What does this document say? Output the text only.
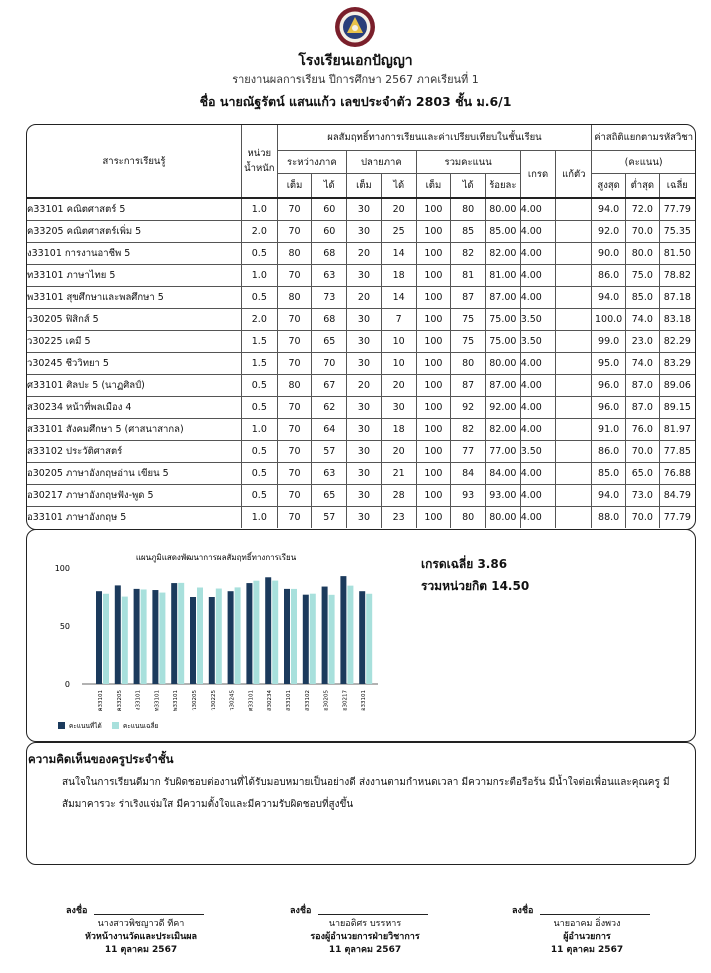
โรงเรียนเอกปัญญา
รายงานผลการเรียน ปีการศึกษา 2567 ภาคเรียนที่ 1
ชื่อ นายณัฐรัตน์ แสนแก้ว เลขประจำตัว 2803 ชั้น ม.6/1
สาระการเรียนรู้	หน่วยน้ำหนัก	ผลสัมฤทธิ์ทางการเรียนและค่าเปรียบเทียบในชั้นเรียน									ค่าสถิติแยกตามรหัสวิชา		
		ระหว่างภาค		ปลายภาค		รวมคะแนน			เกรด	แก้ตัว	(คะแนน)		
		เต็ม	ได้	เต็ม	ได้	เต็ม	ได้	ร้อยละ			สูงสุด	ต่ำสุด	เฉลี่ย
ค33101 คณิตศาสตร์ 5	1.0	70	60	30	20	100	80	80.00	4.00		94.0	72.0	77.79
ค33205 คณิตศาสตร์เพิ่ม 5	2.0	70	60	30	25	100	85	85.00	4.00		92.0	70.0	75.35
ง33101 การงานอาชีพ 5	0.5	80	68	20	14	100	82	82.00	4.00		90.0	80.0	81.50
ท33101 ภาษาไทย 5	1.0	70	63	30	18	100	81	81.00	4.00		86.0	75.0	78.82
พ33101 สุขศึกษาและพลศึกษา 5	0.5	80	73	20	14	100	87	87.00	4.00		94.0	85.0	87.18
ว30205 ฟิสิกส์ 5	2.0	70	68	30	7	100	75	75.00	3.50		100.0	74.0	83.18
ว30225 เคมี 5	1.5	70	65	30	10	100	75	75.00	3.50		99.0	23.0	82.29
ว30245 ชีววิทยา 5	1.5	70	70	30	10	100	80	80.00	4.00		95.0	74.0	83.29
ศ33101 ศิลปะ 5 (นาฏศิลป์)	0.5	80	67	20	20	100	87	87.00	4.00		96.0	87.0	89.06
ส30234 หน้าที่พลเมือง 4	0.5	70	62	30	30	100	92	92.00	4.00		96.0	87.0	89.15
ส33101 สังคมศึกษา 5 (ศาสนาสากล)	1.0	70	64	30	18	100	82	82.00	4.00		91.0	76.0	81.97
ส33102 ประวัติศาสตร์	0.5	70	57	30	20	100	77	77.00	3.50		86.0	70.0	77.85
อ30205 ภาษาอังกฤษอ่าน เขียน 5	0.5	70	63	30	21	100	84	84.00	4.00		85.0	65.0	76.88
อ30217 ภาษาอังกฤษฟัง-พูด 5	0.5	70	65	30	28	100	93	93.00	4.00		94.0	73.0	84.79
อ33101 ภาษาอังกฤษ 5	1.0	70	57	30	23	100	80	80.00	4.00		88.0	70.0	77.79
แผนภูมิแสดงพัฒนาการผลสัมฤทธิ์ทางการเรียน
0
50
100
ค33101 ค33205 ง33101 ท33101 พ33101 ว30205 ว30225 ว30245 ศ33101 ส30234 ส33101 ส33102 อ30205 อ30217 อ33101
คะแนนที่ได้	คะแนนเฉลี่ย
เกรดเฉลี่ย 3.86
รวมหน่วยกิต 14.50
ความคิดเห็นของครูประจำชั้น
สนใจในการเรียนดีมาก รับผิดชอบต่องานที่ได้รับมอบหมายเป็นอย่างดี ส่งงานตามกำหนดเวลา มีความกระตือรือร้น มีน้ำใจต่อเพื่อนและคุณครู มีสัมมาคารวะ ร่าเริงแจ่มใส มีความตั้งใจและมีความรับผิดชอบที่สูงขึ้น
ลงชื่อ
นางสาวพิชญาวดี ทีคา
หัวหน้างานวัดและประเมินผล
11 ตุลาคม 2567
ลงชื่อ
นายอดิศร บรรหาร
รองผู้อำนวยการฝ่ายวิชาการ
11 ตุลาคม 2567
ลงชื่อ
นายอาคม อิ่งพวง
ผู้อำนวยการ
11 ตุลาคม 2567
